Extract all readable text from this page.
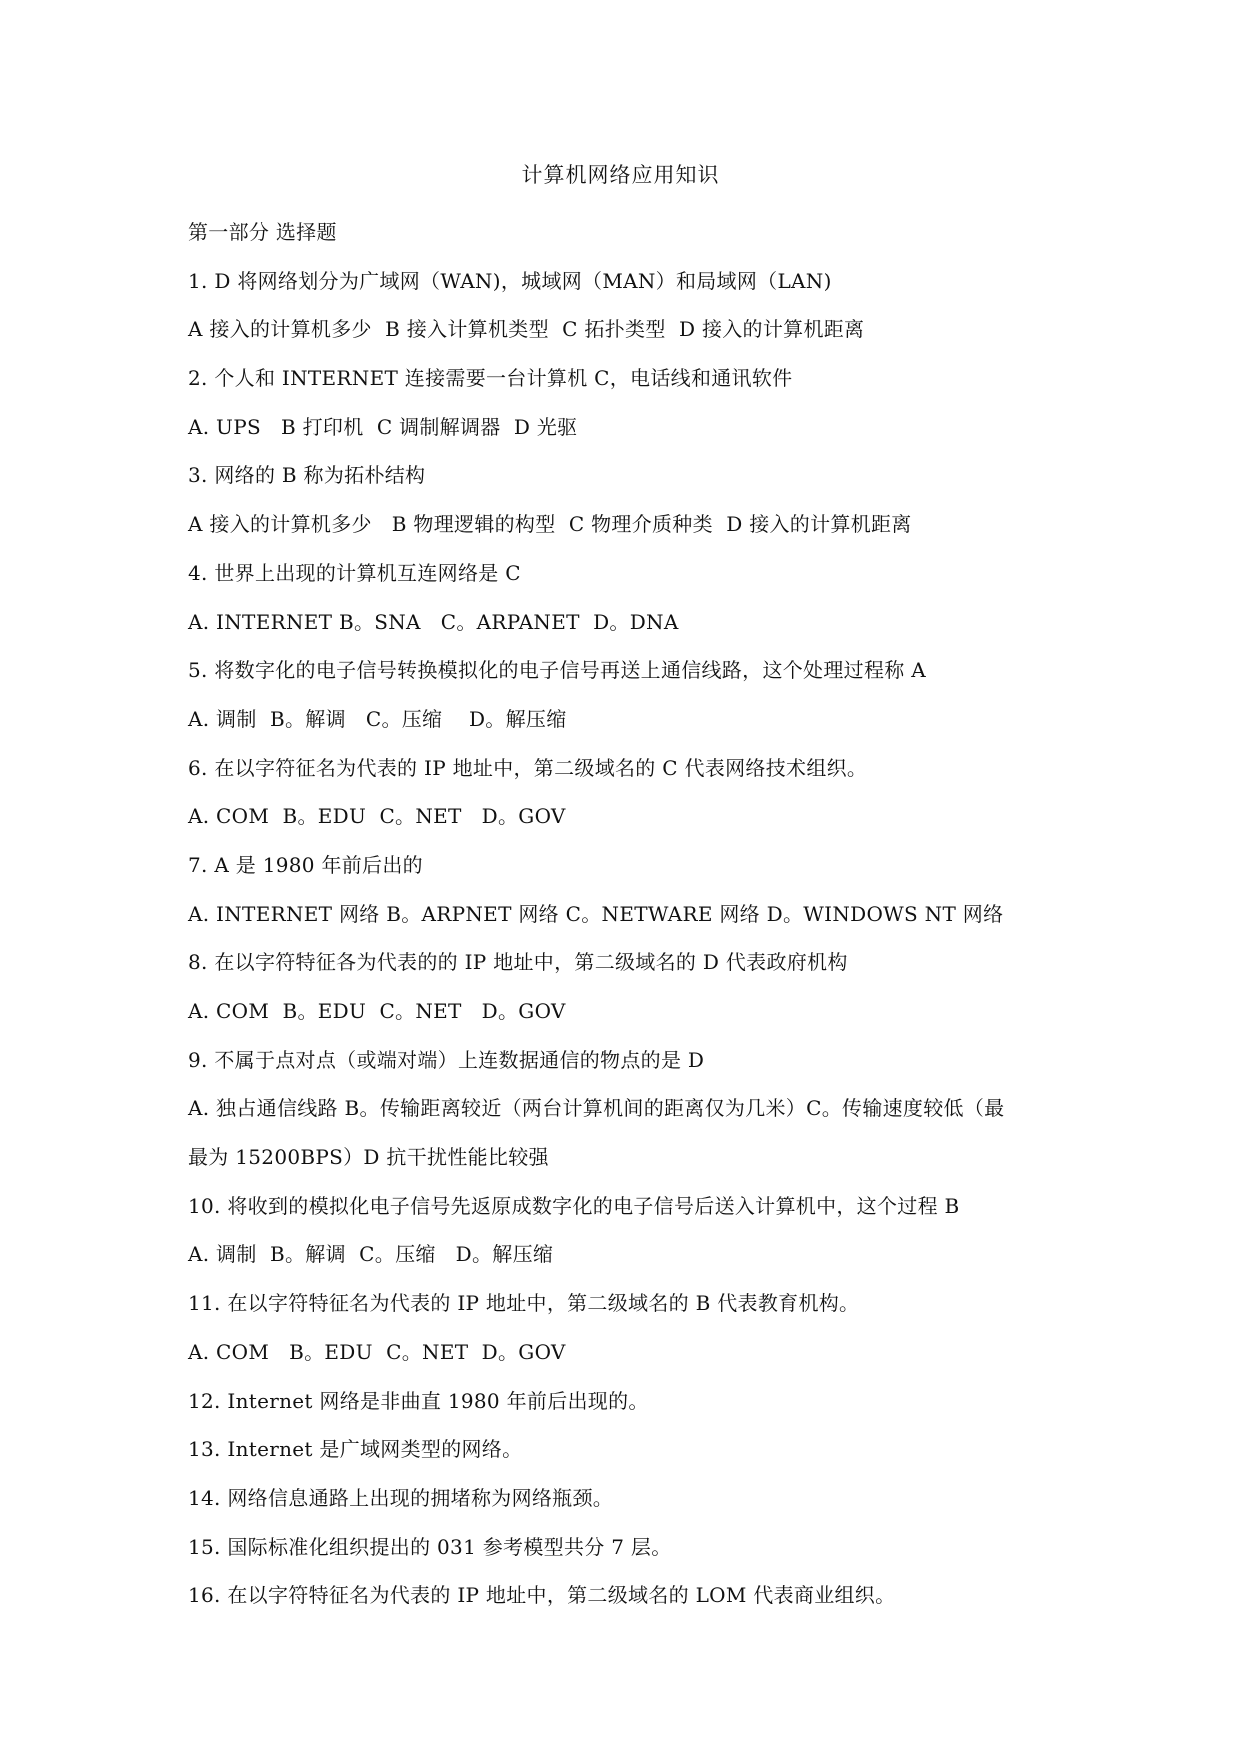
计算机网络应用知识
第一部分 选择题
1. D 将网络划分为广域网（WAN)，城域网（MAN）和局域网（LAN)
A 接入的计算机多少  B 接入计算机类型  C 拓扑类型  D 接入的计算机距离
2. 个人和 INTERNET 连接需要一台计算机 C，电话线和通讯软件
A. UPS   B 打印机  C 调制解调器  D 光驱
3. 网络的 B 称为拓朴结构
A 接入的计算机多少   B 物理逻辑的构型  C 物理介质种类  D 接入的计算机距离
4. 世界上出现的计算机互连网络是 C
A. INTERNET B。SNA   C。ARPANET  D。DNA
5. 将数字化的电子信号转换模拟化的电子信号再送上通信线路，这个处理过程称 A
A. 调制  B。解调   C。压缩    D。解压缩
6. 在以字符征名为代表的 IP 地址中，第二级域名的 C 代表网络技术组织。
A. COM  B。EDU  C。NET   D。GOV
7. A 是 1980 年前后出的
A. INTERNET 网络 B。ARPNET 网络 C。NETWARE 网络 D。WINDOWS NT 网络
8. 在以字符特征各为代表的的 IP 地址中，第二级域名的 D 代表政府机构
A. COM  B。EDU  C。NET   D。GOV
9. 不属于点对点（或端对端）上连数据通信的物点的是 D
A. 独占通信线路 B。传输距离较近（两台计算机间的距离仅为几米）C。传输速度较低（最
最为 15200BPS）D 抗干扰性能比较强
10. 将收到的模拟化电子信号先返原成数字化的电子信号后送入计算机中，这个过程 B
A. 调制  B。解调  C。压缩   D。解压缩
11. 在以字符特征名为代表的 IP 地址中，第二级域名的 B 代表教育机构。
A. COM   B。EDU  C。NET  D。GOV
12. Internet 网络是非曲直 1980 年前后出现的。
13. Internet 是广域网类型的网络。
14. 网络信息通路上出现的拥堵称为网络瓶颈。
15. 国际标准化组织提出的 031 参考模型共分 7 层。
16. 在以字符特征名为代表的 IP 地址中，第二级域名的 LOM 代表商业组织。
